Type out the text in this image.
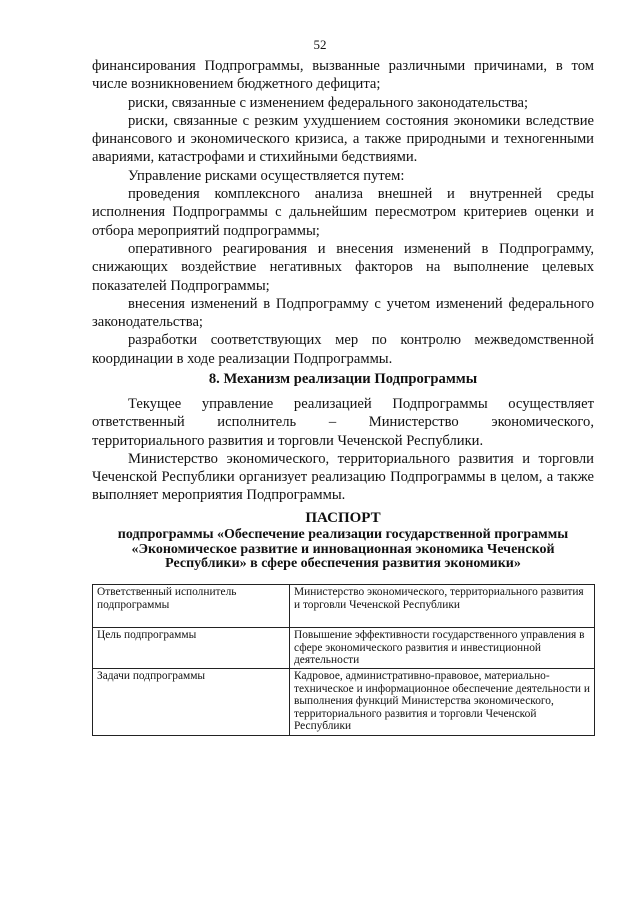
52

финансирования Подпрограммы, вызванные различными причинами, в том числе возникновением бюджетного дефицита;

риски, связанные с изменением федерального законодательства;

риски, связанные с резким ухудшением состояния экономики вследствие финансового и экономического кризиса, а также природными и техногенными авариями, катастрофами и стихийными бедствиями.

Управление рисками осуществляется путем:

проведения комплексного анализа внешней и внутренней среды исполнения Подпрограммы с дальнейшим пересмотром критериев оценки и отбора мероприятий подпрограммы;

оперативного реагирования и внесения изменений в Подпрограмму, снижающих воздействие негативных факторов на выполнение целевых показателей Подпрограммы;

внесения изменений в Подпрограмму с учетом изменений федерального законодательства;

разработки соответствующих мер по контролю межведомственной координации в ходе реализации Подпрограммы.

8. Механизм реализации Подпрограммы

Текущее управление реализацией Подпрограммы осуществляет ответственный исполнитель – Министерство экономического, территориального развития и торговли Чеченской Республики.

Министерство экономического, территориального развития и торговли Чеченской Республики организует реализацию Подпрограммы в целом, а также выполняет мероприятия Подпрограммы.

ПАСПОРТ
подпрограммы «Обеспечение реализации государственной программы
«Экономическое развитие и инновационная экономика Чеченской
Республики» в сфере обеспечения развития экономики»
Ответственный исполнитель подпрограммы	Министерство экономического, территориального развития и торговли Чеченской Республики
Цель подпрограммы	Повышение эффективности государственного управления в сфере экономического развития и инвестиционной деятельности
Задачи подпрограммы	Кадровое, административно-правовое, материально-техническое и информационное обеспечение деятельности и выполнения функций Министерства экономического, территориального развития и торговли Чеченской Республики
